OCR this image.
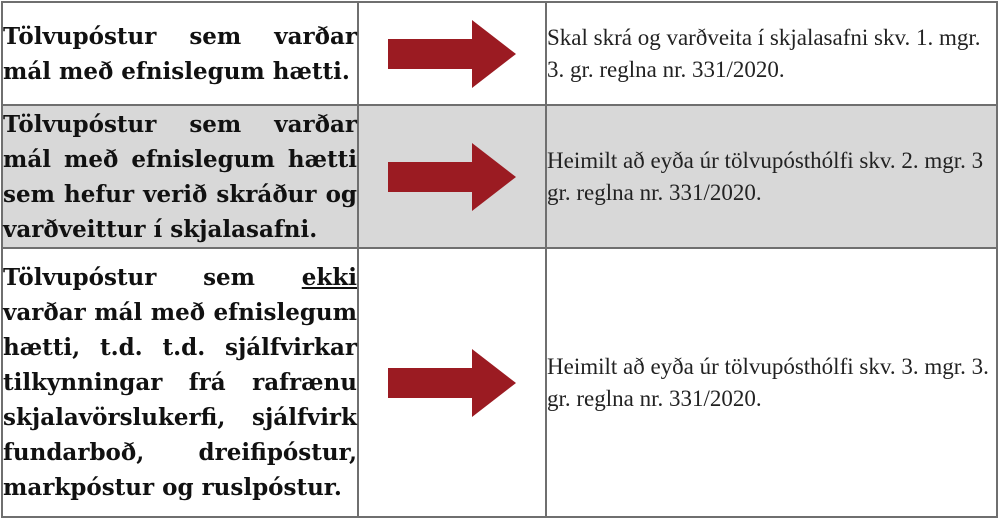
Tölvupóstur sem varðar mál með efnislegum hætti.		Skal skrá og varðveita í skjalasafni skv. 1. mgr. 3. gr. reglna nr. 331/2020.
Tölvupóstur sem varðar mál með efnislegum hætti sem hefur verið skráður og varðveittur í skjalasafni.		Heimilt að eyða úr tölvupósthólfi skv. 2. mgr. 3 gr. reglna nr. 331/2020.
Tölvupóstur sem ekki varðar mál með efnislegum hætti, t.d. t.d. sjálfvirkar tilkynningar frá rafrænu skjalavörslukerfi, sjálfvirk fundarboð, dreifipóstur, markpóstur og ruslpóstur.		Heimilt að eyða úr tölvupósthólfi skv. 3. mgr. 3. gr. reglna nr. 331/2020.
